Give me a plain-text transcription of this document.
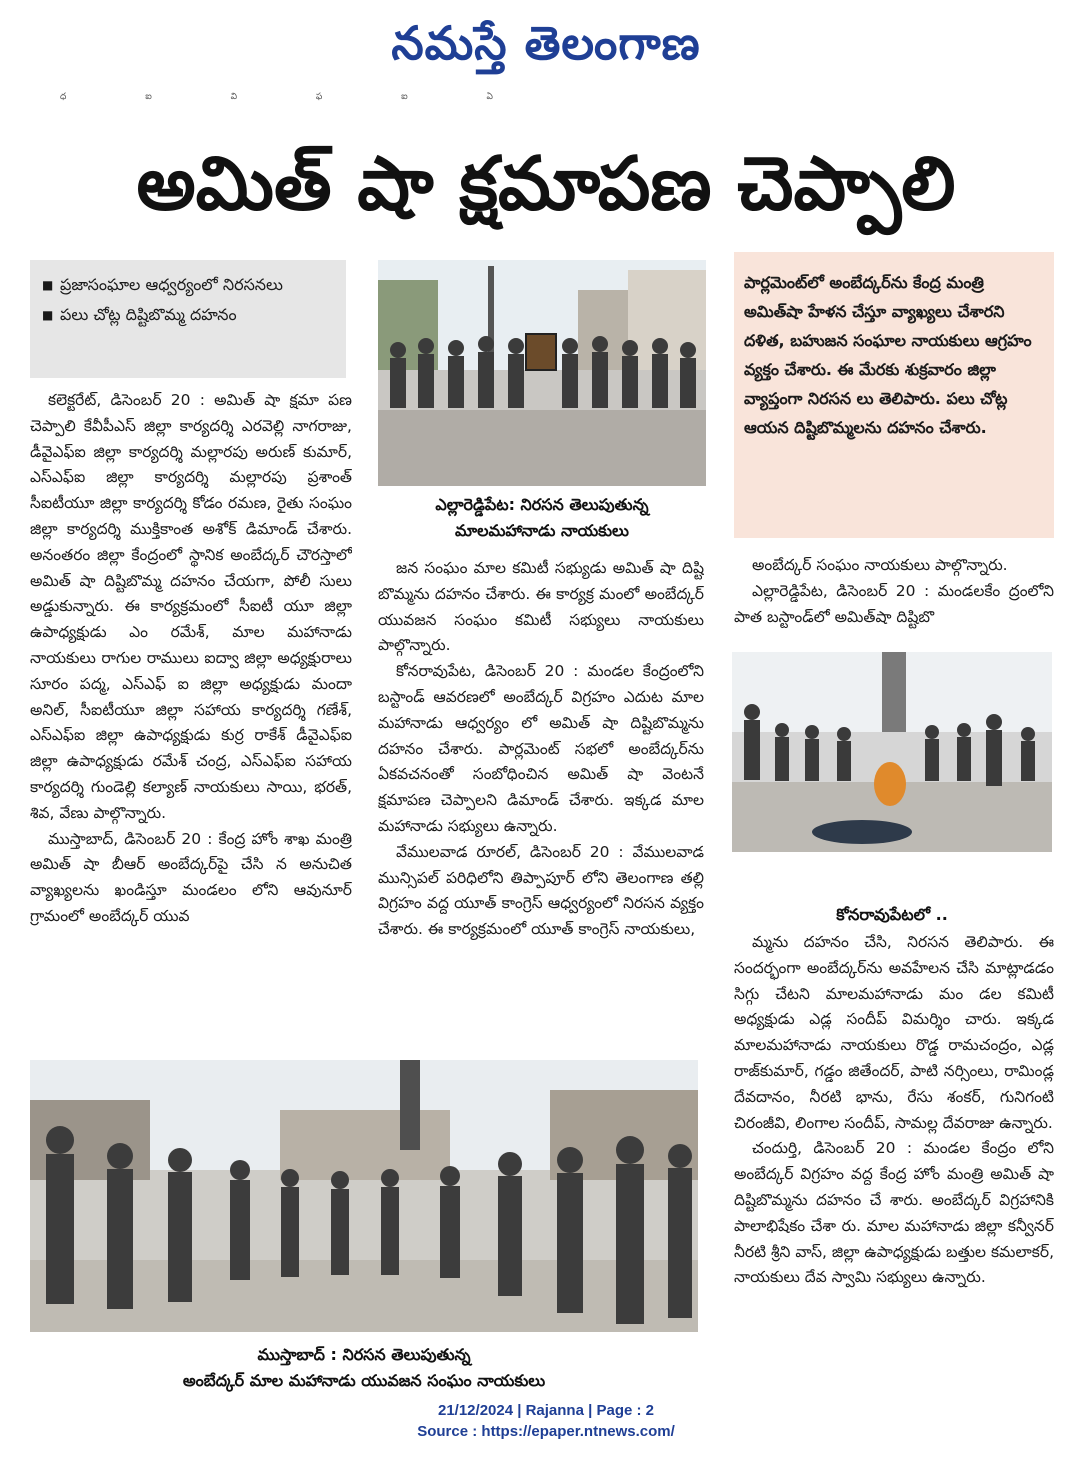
నమస్తే తెలంగాణ
ధ ఐ వి ఫ ఐ ఏ
అమిత్ షా క్షమాపణ చెప్పాలి
■ ప్రజాసంఘాల ఆధ్వర్యంలో నిరసనలు
■ పలు చోట్ల దిష్టిబొమ్మ దహనం

కలెక్టరేట్, డిసెంబర్ 20 : అమిత్ షా క్షమా పణ చెప్పాలి కేవీపీఎస్ జిల్లా కార్యదర్శి ఎరవెల్లి నాగరాజు, డీవైఎఫ్ఐ జిల్లా కార్యదర్శి మల్లారపు అరుణ్ కుమార్, ఎస్ఎఫ్ఐ జిల్లా కార్యదర్శి మల్లారపు ప్రశాంత్ సీఐటీయూ జిల్లా కార్యదర్శి కోడం రమణ, రైతు సంఘం జిల్లా కార్యదర్శి ముక్తికాంత అశోక్ డిమాండ్ చేశారు. అనంతరం జిల్లా కేంద్రంలో స్థానిక అంబేద్కర్ చౌరస్తాలో అమిత్ షా దిష్టిబొమ్మ దహనం చేయగా, పోలీ సులు అడ్డుకున్నారు. ఈ కార్యక్రమంలో సీఐటీ యూ జిల్లా ఉపాధ్యక్షుడు ఎం రమేశ్, మాల మహానాడు నాయకులు రాగుల రాములు ఐద్వా జిల్లా అధ్యక్షురాలు సూరం పద్మ, ఎస్ఎఫ్ ఐ జిల్లా అధ్యక్షుడు మందా అనిల్, సీఐటీయూ జిల్లా సహాయ కార్యదర్శి గణేశ్, ఎస్ఎఫ్ఐ జిల్లా ఉపాధ్యక్షుడు కుర్ర రాకేశ్ డీవైఎఫ్ఐ జిల్లా ఉపాధ్యక్షుడు రమేశ్ చంద్ర, ఎస్ఎఫ్ఐ సహాయ కార్యదర్శి గుండెల్లి కల్యాణ్ నాయకులు సాయి, భరత్, శివ, వేణు పాల్గొన్నారు.

ముస్తాబాద్, డిసెంబర్ 20 : కేంద్ర హోం శాఖ మంత్రి అమిత్ షా బీఆర్ అంబేద్కర్‌పై చేసి న అనుచిత వ్యాఖ్యలను ఖండిస్తూ మండలం లోని ఆవునూర్ గ్రామంలో అంబేద్కర్ యువ

ఎల్లారెడ్డిపేట: నిరసన తెలుపుతున్న
మాలమహానాడు నాయకులు

జన సంఘం మాల కమిటీ సభ్యుడు అమిత్ షా దిష్టి బొమ్మను దహనం చేశారు. ఈ కార్యక్ర మంలో అంబేద్కర్ యువజన సంఘం కమిటీ సభ్యులు నాయకులు పాల్గొన్నారు.

కోనరావుపేట, డిసెంబర్ 20 : మండల కేంద్రంలోని బస్టాండ్ ఆవరణలో అంబేద్కర్ విగ్రహం ఎదుట మాల మహానాడు ఆధ్వర్యం లో అమిత్ షా దిష్టిబొమ్మను దహనం చేశారు. పార్లమెంట్ సభలో అంబేద్కర్‌ను ఏకవచనంతో సంబోధించిన అమిత్ షా వెంటనే క్షమాపణ చెప్పాలని డిమాండ్ చేశారు. ఇక్కడ మాల మహానాడు సభ్యులు ఉన్నారు.

వేములవాడ రూరల్, డిసెంబర్ 20 : వేములవాడ మున్సిపల్ పరిధిలోని తిప్పాపూర్ లోని తెలంగాణ తల్లి విగ్రహం వద్ద యూత్ కాంగ్రెస్ ఆధ్వర్యంలో నిరసన వ్యక్తం చేశారు. ఈ కార్యక్రమంలో యూత్ కాంగ్రెస్ నాయకులు,

పార్లమెంట్‌లో అంబేద్కర్‌ను కేంద్ర మంత్రి అమిత్‌షా హేళన చేస్తూ వ్యాఖ్యలు చేశారని దళిత, బహుజన సంఘాల నాయకులు ఆగ్రహం వ్యక్తం చేశారు. ఈ మేరకు శుక్రవారం జిల్లా వ్యాప్తంగా నిరసన లు తెలిపారు. పలు చోట్ల ఆయన దిష్టిబొమ్మలను దహనం చేశారు.

అంబేద్కర్ సంఘం నాయకులు పాల్గొన్నారు.

ఎల్లారెడ్డిపేట, డిసెంబర్ 20 : మండలకేం ద్రంలోని పాత బస్టాండ్‌లో అమిత్‌షా దిష్టిబొ

కోనరావుపేటలో ..

మ్మను దహనం చేసి, నిరసన తెలిపారు. ఈ సందర్భంగా అంబేద్కర్‌ను అవహేలన చేసి మాట్లాడడం సిగ్గు చేటని మాలమహానాడు మం డల కమిటీ అధ్యక్షుడు ఎడ్ల సందీప్ విమర్శిం చారు. ఇక్కడ మాలమహానాడు నాయకులు రొడ్డ రామచంద్రం, ఎడ్ల రాజ్‌కుమార్, గడ్డం జితేందర్, పాటి నర్సింలు, రామిండ్ల దేవదానం, నీరటి భాను, రేసు శంకర్, గునిగంటి చిరంజీవి, లింగాల సందీప్, సామల్ల దేవరాజు ఉన్నారు.

చందుర్తి, డిసెంబర్ 20 : మండల కేంద్రం లోని అంబేద్కర్ విగ్రహం వద్ద కేంద్ర హోం మంత్రి అమిత్ షా దిష్టిబొమ్మను దహనం చే శారు. అంబేద్కర్ విగ్రహానికి పాలాభిషేకం చేశా రు. మాల మహానాడు జిల్లా కన్వీనర్ నీరటి శ్రీని వాస్, జిల్లా ఉపాధ్యక్షుడు బత్తుల కమలాకర్, నాయకులు దేవ స్వామి సభ్యులు ఉన్నారు.

ముస్తాబాద్ : నిరసన తెలుపుతున్న
అంబేద్కర్ మాల మహానాడు యువజన సంఘం నాయకులు
21/12/2024 | Rajanna | Page : 2
Source : https://epaper.ntnews.com/
